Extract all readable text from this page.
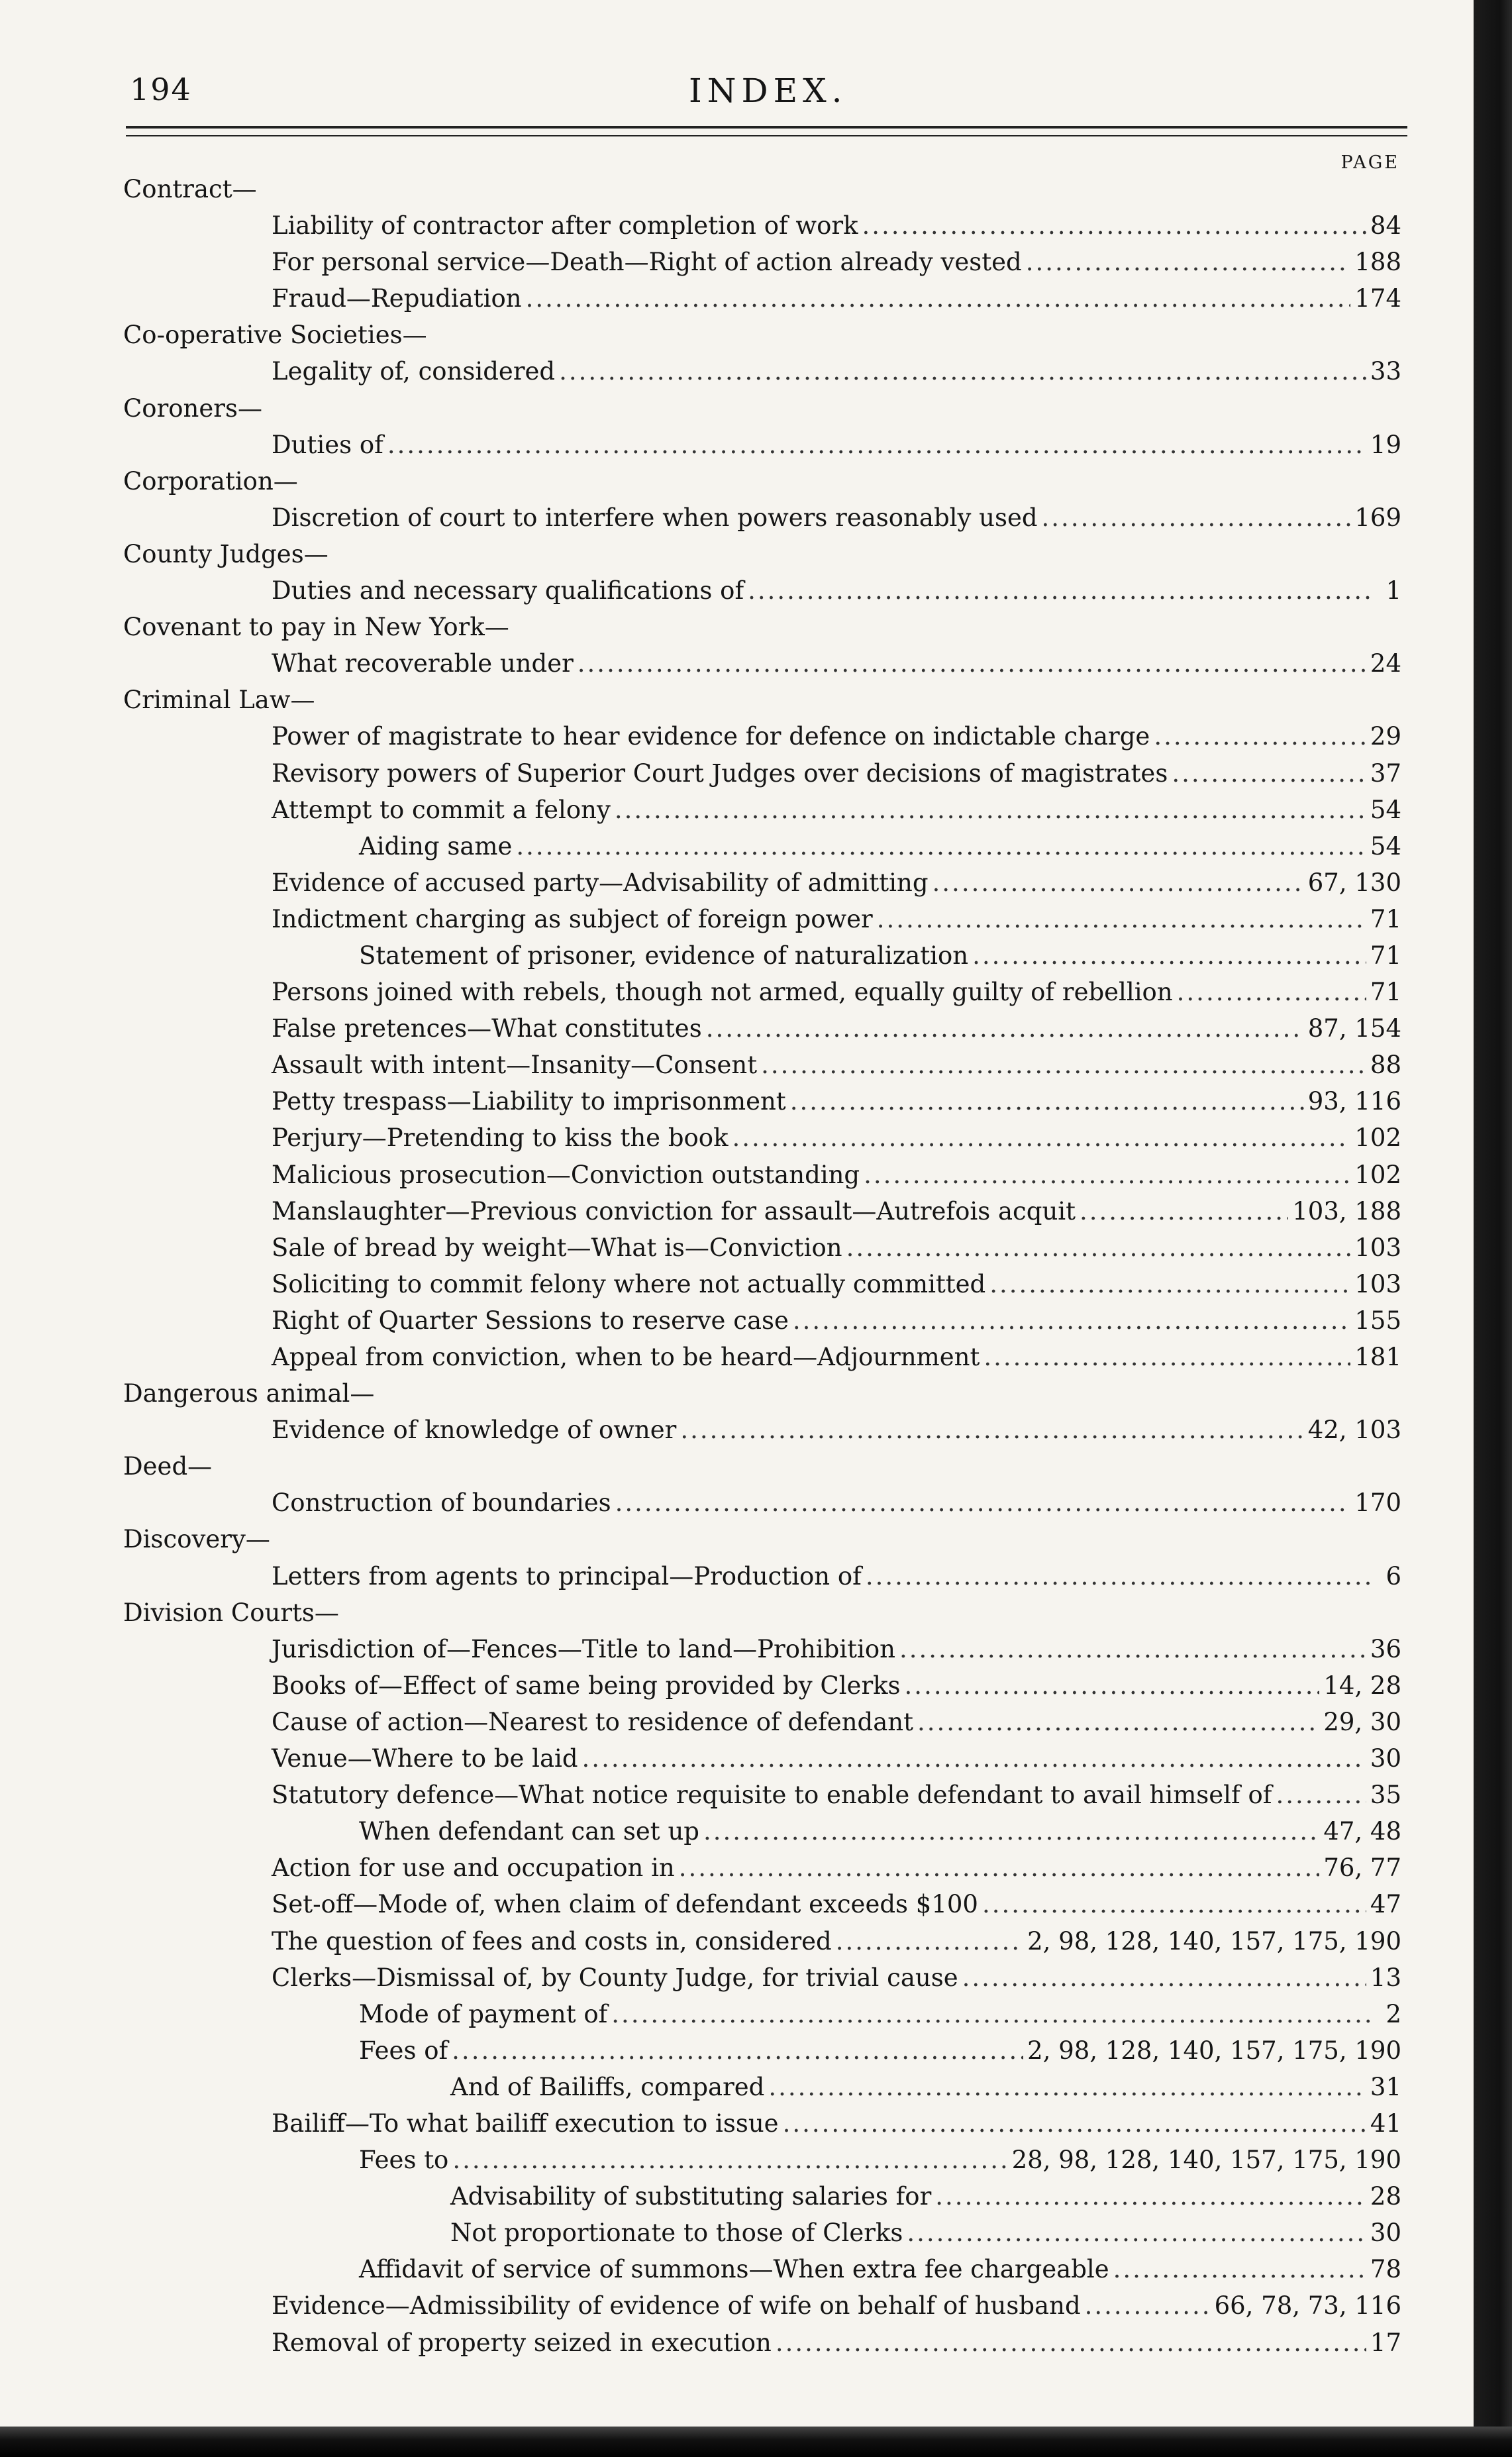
194	INDEX.
PAGE
Contract—
Liability of contractor after completion of work .....	84
For personal service—Death—Right of action already vested .....	188
Fraud—Repudiation .....	174
Co-operative Societies—
Legality of, considered .....	33
Coroners—
Duties of .....	19
Corporation—
Discretion of court to interfere when powers reasonably used .....	169
County Judges—
Duties and necessary qualifications of .....	1
Covenant to pay in New York—
What recoverable under .....	24
Criminal Law—
Power of magistrate to hear evidence for defence on indictable charge .....	29
Revisory powers of Superior Court Judges over decisions of magistrates .....	37
Attempt to commit a felony .....	54
Aiding same .....	54
Evidence of accused party—Advisability of admitting .....	67, 130
Indictment charging as subject of foreign power .....	71
Statement of prisoner, evidence of naturalization .....	71
Persons joined with rebels, though not armed, equally guilty of rebellion .....	71
False pretences—What constitutes .....	87, 154
Assault with intent—Insanity—Consent .....	88
Petty trespass—Liability to imprisonment .....	93, 116
Perjury—Pretending to kiss the book .....	102
Malicious prosecution—Conviction outstanding .....	102
Manslaughter—Previous conviction for assault—Autrefois acquit .....	103, 188
Sale of bread by weight—What is—Conviction .....	103
Soliciting to commit felony where not actually committed .....	103
Right of Quarter Sessions to reserve case .....	155
Appeal from conviction, when to be heard—Adjournment .....	181
Dangerous animal—
Evidence of knowledge of owner .....	42, 103
Deed—
Construction of boundaries .....	170
Discovery—
Letters from agents to principal—Production of .....	6
Division Courts—
Jurisdiction of—Fences—Title to land—Prohibition .....	36
Books of—Effect of same being provided by Clerks .....	14, 28
Cause of action—Nearest to residence of defendant .....	29, 30
Venue—Where to be laid .....	30
Statutory defence—What notice requisite to enable defendant to avail himself of .....	35
When defendant can set up .....	47, 48
Action for use and occupation in .....	76, 77
Set-off—Mode of, when claim of defendant exceeds $100 .....	47
The question of fees and costs in, considered .....	2, 98, 128, 140, 157, 175, 190
Clerks—Dismissal of, by County Judge, for trivial cause .....	13
Mode of payment of .....	2
Fees of .....	2, 98, 128, 140, 157, 175, 190
And of Bailiffs, compared .....	31
Bailiff—To what bailiff execution to issue .....	41
Fees to .....	28, 98, 128, 140, 157, 175, 190
Advisability of substituting salaries for .....	28
Not proportionate to those of Clerks .....	30
Affidavit of service of summons—When extra fee chargeable .....	78
Evidence—Admissibility of evidence of wife on behalf of husband .....	66, 78, 73, 116
Removal of property seized in execution .....	17
